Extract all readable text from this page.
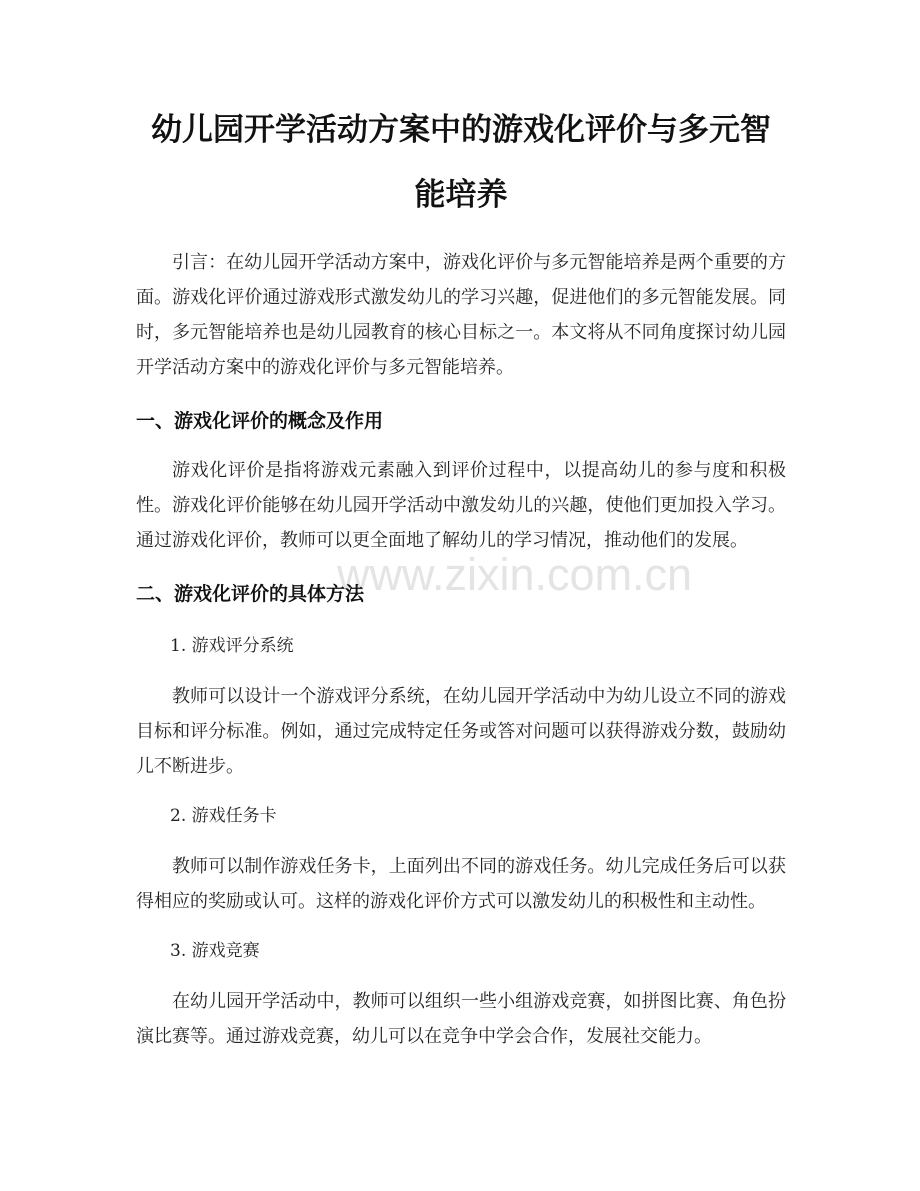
www.zixin.com.cn
幼儿园开学活动方案中的游戏化评价与多元智能培养

引言：在幼儿园开学活动方案中，游戏化评价与多元智能培养是两个重要的方面。游戏化评价通过游戏形式激发幼儿的学习兴趣，促进他们的多元智能发展。同时，多元智能培养也是幼儿园教育的核心目标之一。本文将从不同角度探讨幼儿园开学活动方案中的游戏化评价与多元智能培养。

一、游戏化评价的概念及作用

游戏化评价是指将游戏元素融入到评价过程中，以提高幼儿的参与度和积极性。游戏化评价能够在幼儿园开学活动中激发幼儿的兴趣，使他们更加投入学习。通过游戏化评价，教师可以更全面地了解幼儿的学习情况，推动他们的发展。

二、游戏化评价的具体方法
1. 游戏评分系统

教师可以设计一个游戏评分系统，在幼儿园开学活动中为幼儿设立不同的游戏目标和评分标准。例如，通过完成特定任务或答对问题可以获得游戏分数，鼓励幼儿不断进步。

2. 游戏任务卡

教师可以制作游戏任务卡，上面列出不同的游戏任务。幼儿完成任务后可以获得相应的奖励或认可。这样的游戏化评价方式可以激发幼儿的积极性和主动性。

3. 游戏竞赛

在幼儿园开学活动中，教师可以组织一些小组游戏竞赛，如拼图比赛、角色扮演比赛等。通过游戏竞赛，幼儿可以在竞争中学会合作，发展社交能力。
